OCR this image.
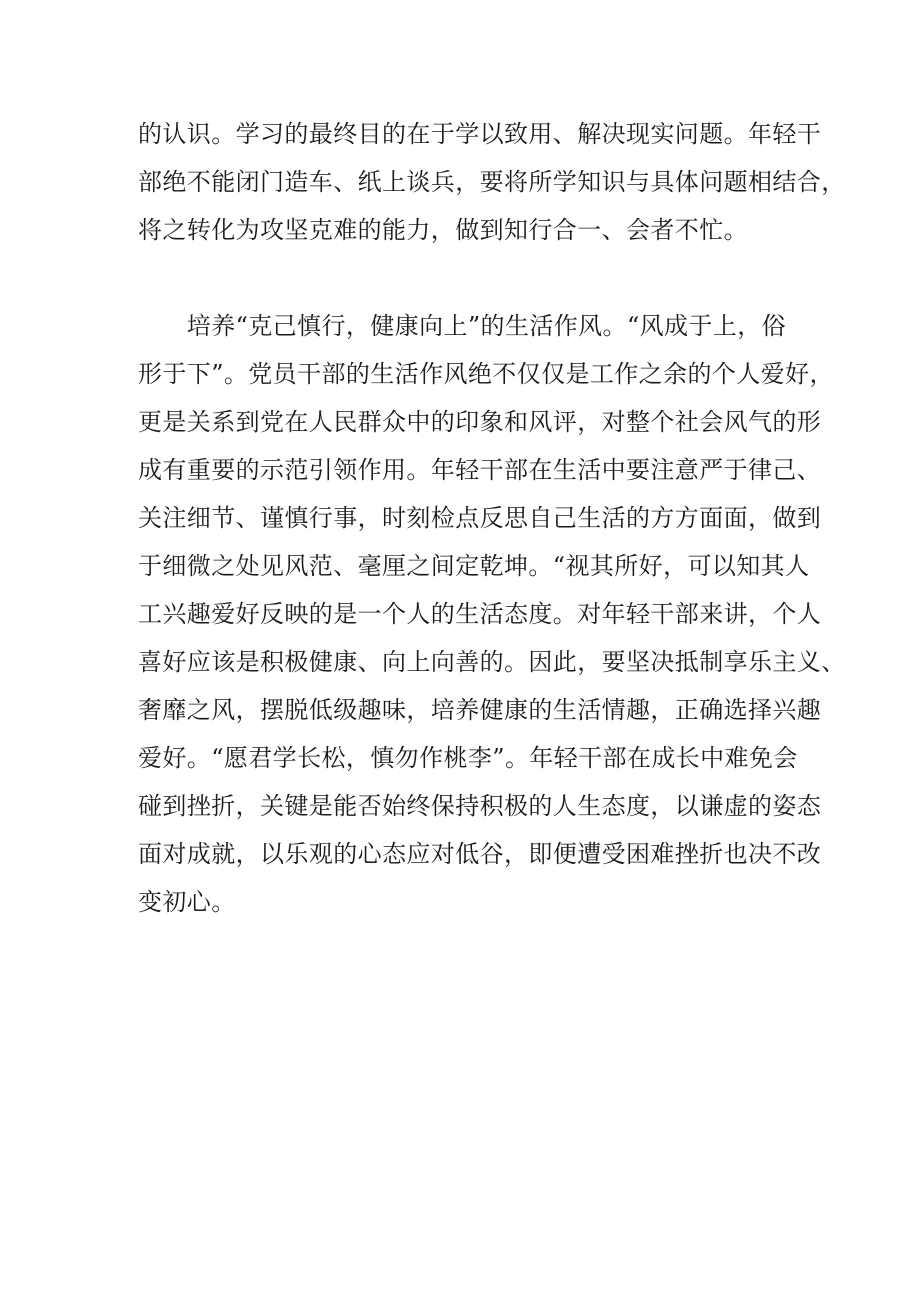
的认识。学习的最终目的在于学以致用、解决现实问题。年轻干
部绝不能闭门造车、纸上谈兵，要将所学知识与具体问题相结合，
将之转化为攻坚克难的能力，做到知行合一、会者不忙。
　　培养“克己慎行，健康向上”的生活作风。“风成于上，俗
形于下”。党员干部的生活作风绝不仅仅是工作之余的个人爱好，
更是关系到党在人民群众中的印象和风评，对整个社会风气的形
成有重要的示范引领作用。年轻干部在生活中要注意严于律己、
关注细节、谨慎行事，时刻检点反思自己生活的方方面面，做到
于细微之处见风范、毫厘之间定乾坤。“视其所好，可以知其人
工兴趣爱好反映的是一个人的生活态度。对年轻干部来讲，个人
喜好应该是积极健康、向上向善的。因此，要坚决抵制享乐主义、
奢靡之风，摆脱低级趣味，培养健康的生活情趣，正确选择兴趣
爱好。“愿君学长松，慎勿作桃李”。年轻干部在成长中难免会
碰到挫折，关键是能否始终保持积极的人生态度，以谦虚的姿态
面对成就，以乐观的心态应对低谷，即便遭受困难挫折也决不改
变初心。
